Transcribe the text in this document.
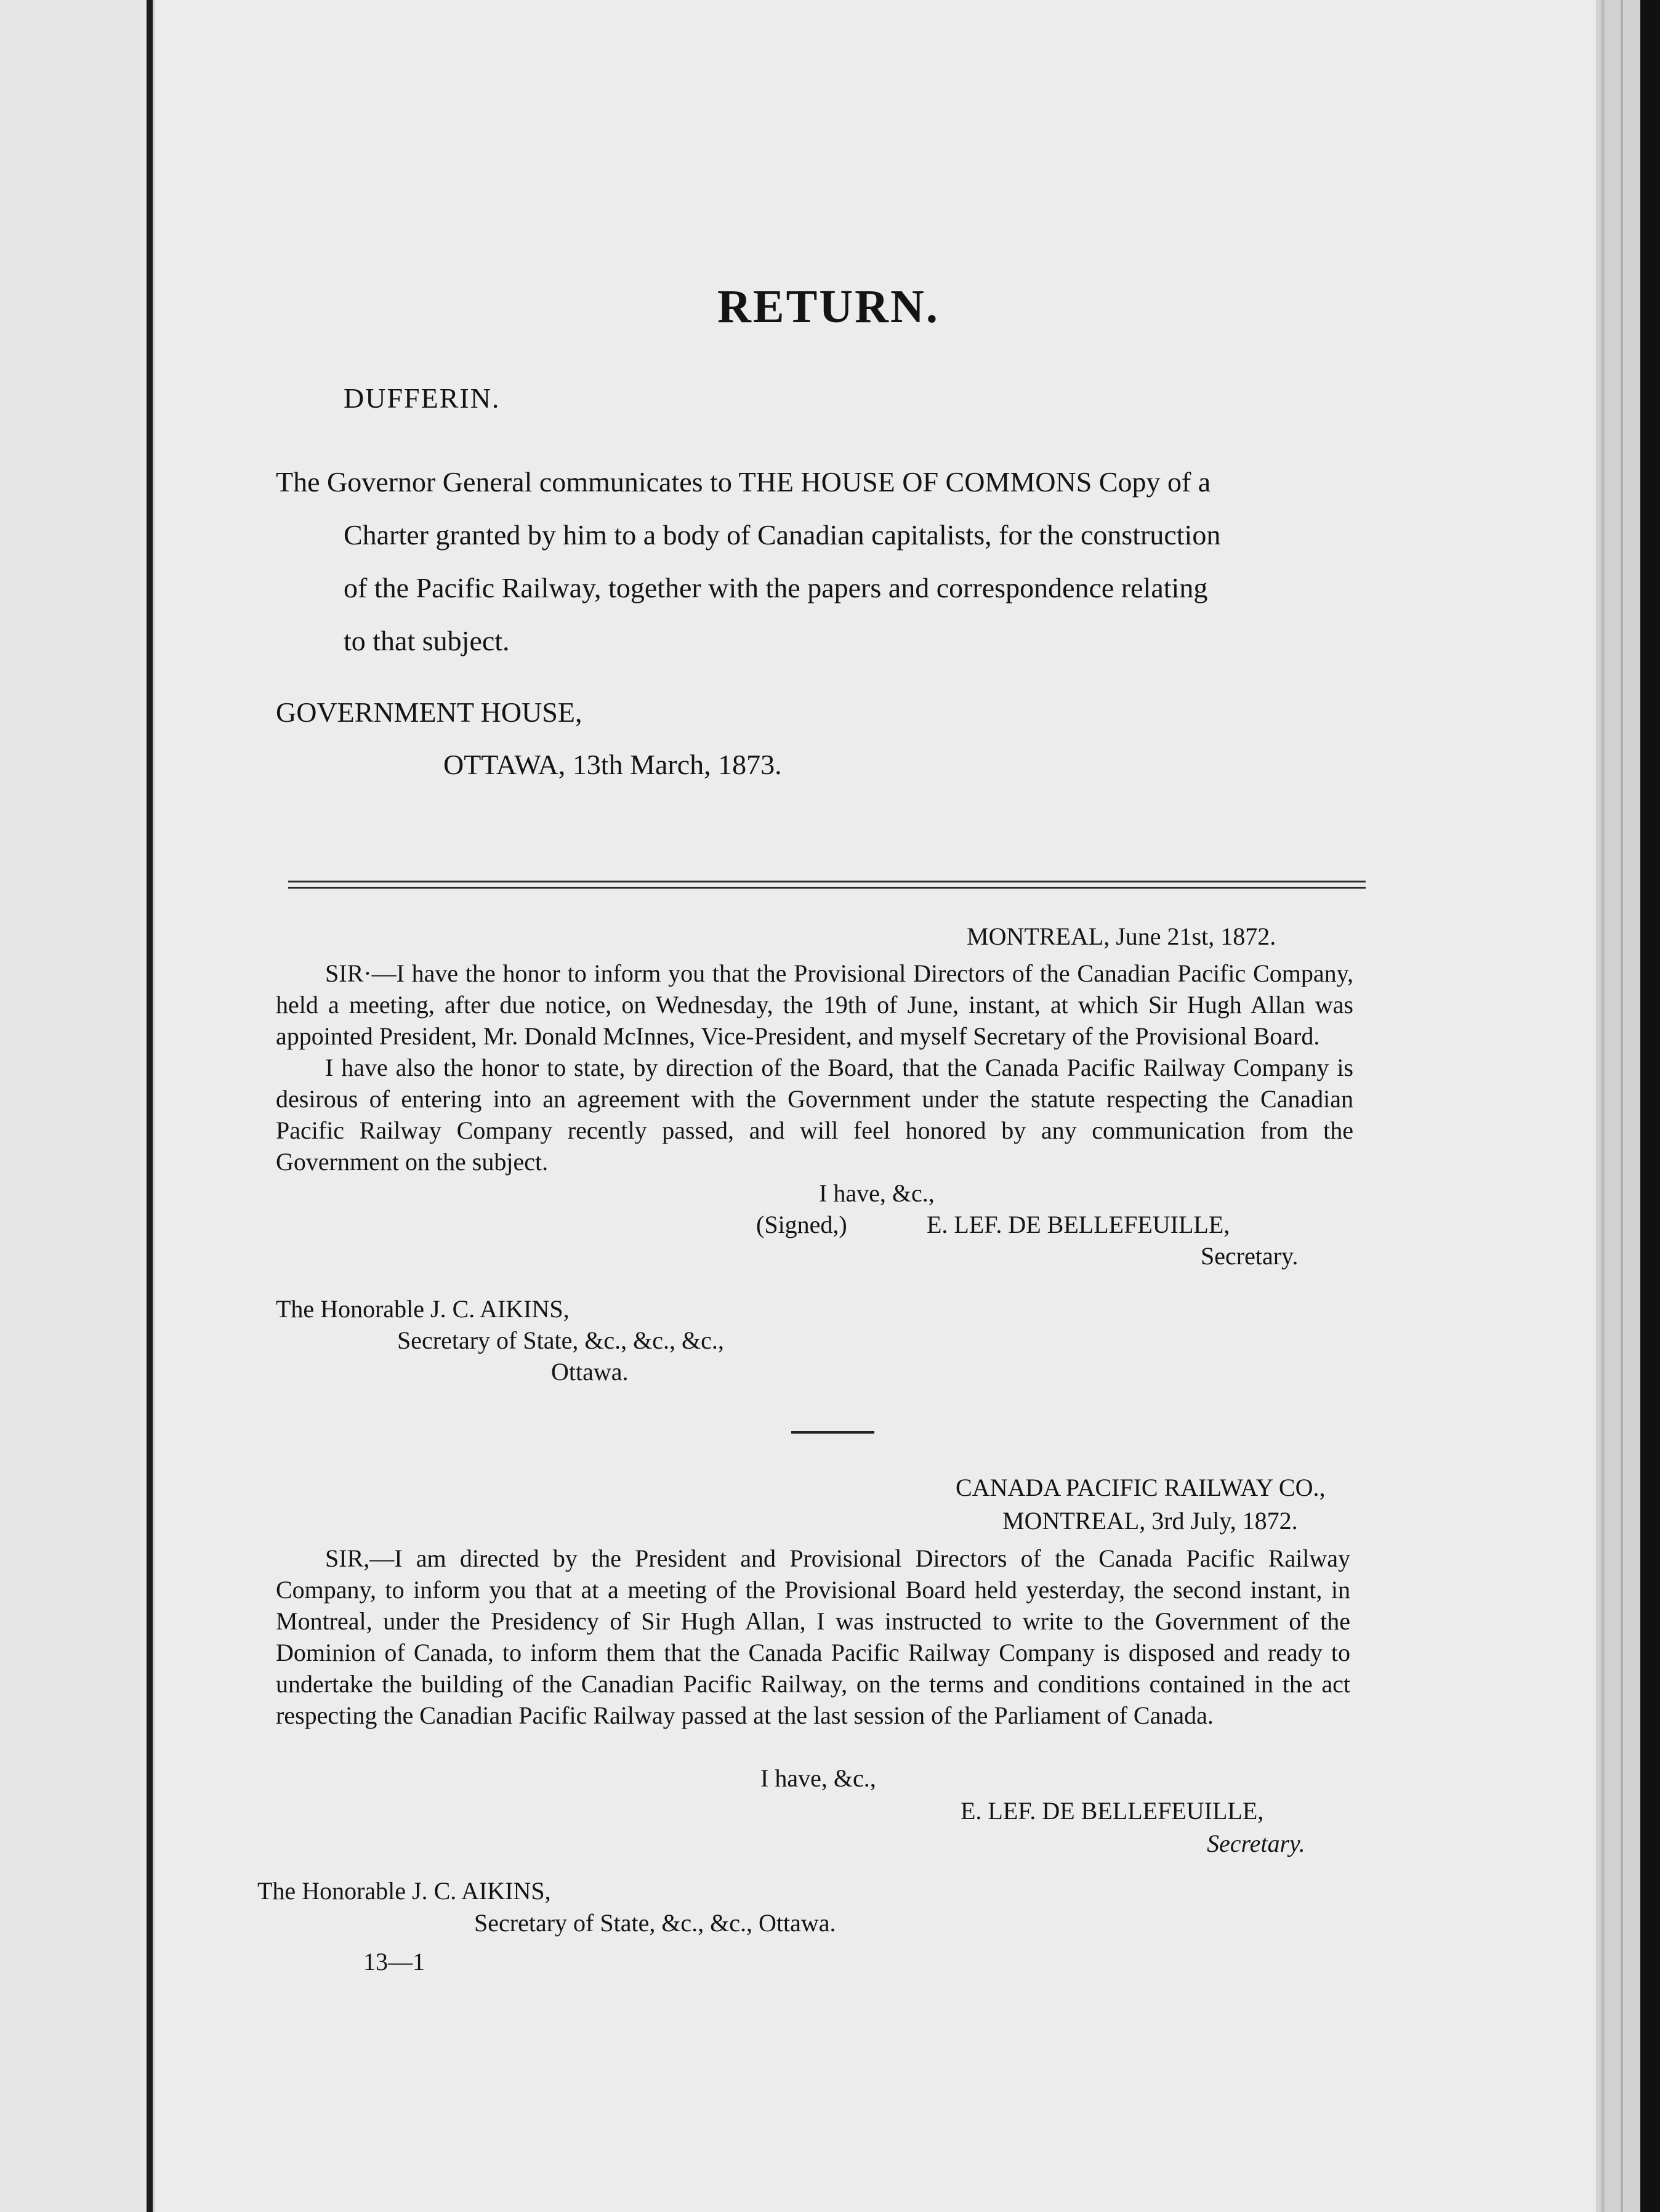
RETURN.

DUFFERIN.

The Governor General communicates to THE HOUSE OF COMMONS Copy of a
Charter granted by him to a body of Canadian capitalists, for the construction
of the Pacific Railway, together with the papers and correspondence relating
to that subject.

GOVERNMENT HOUSE,

OTTAWA, 13th March, 1873.

MONTREAL, June 21st, 1872.

SIR·—I have the honor to inform you that the Provisional Directors of the Canadian Pacific Company, held a meeting, after due notice, on Wednesday, the 19th of June, instant, at which Sir Hugh Allan was appointed President, Mr. Donald McInnes, Vice-President, and myself Secretary of the Provisional Board.
I have also the honor to state, by direction of the Board, that the Canada Pacific Railway Company is desirous of entering into an agreement with the Government under the statute respecting the Canadian Pacific Railway Company recently passed, and will feel honored by any communication from the Government on the subject.

I have, &c.,

(Signed,)	E. LEF. DE BELLEFEUILLE,

Secretary.

The Honorable J. C. AIKINS,

Secretary of State, &c., &c., &c.,

Ottawa.

CANADA PACIFIC RAILWAY CO.,

MONTREAL, 3rd July, 1872.

SIR,—I am directed by the President and Provisional Directors of the Canada Pacific Railway Company, to inform you that at a meeting of the Provisional Board held yesterday, the second instant, in Montreal, under the Presidency of Sir Hugh Allan, I was instructed to write to the Government of the Dominion of Canada, to inform them that the Canada Pacific Railway Company is disposed and ready to undertake the building of the Canadian Pacific Railway, on the terms and conditions contained in the act respecting the Canadian Pacific Railway passed at the last session of the Parliament of Canada.

I have, &c.,

E. LEF. DE BELLEFEUILLE,

Secretary.

The Honorable J. C. AIKINS,

Secretary of State, &c., &c., Ottawa.

13—1
